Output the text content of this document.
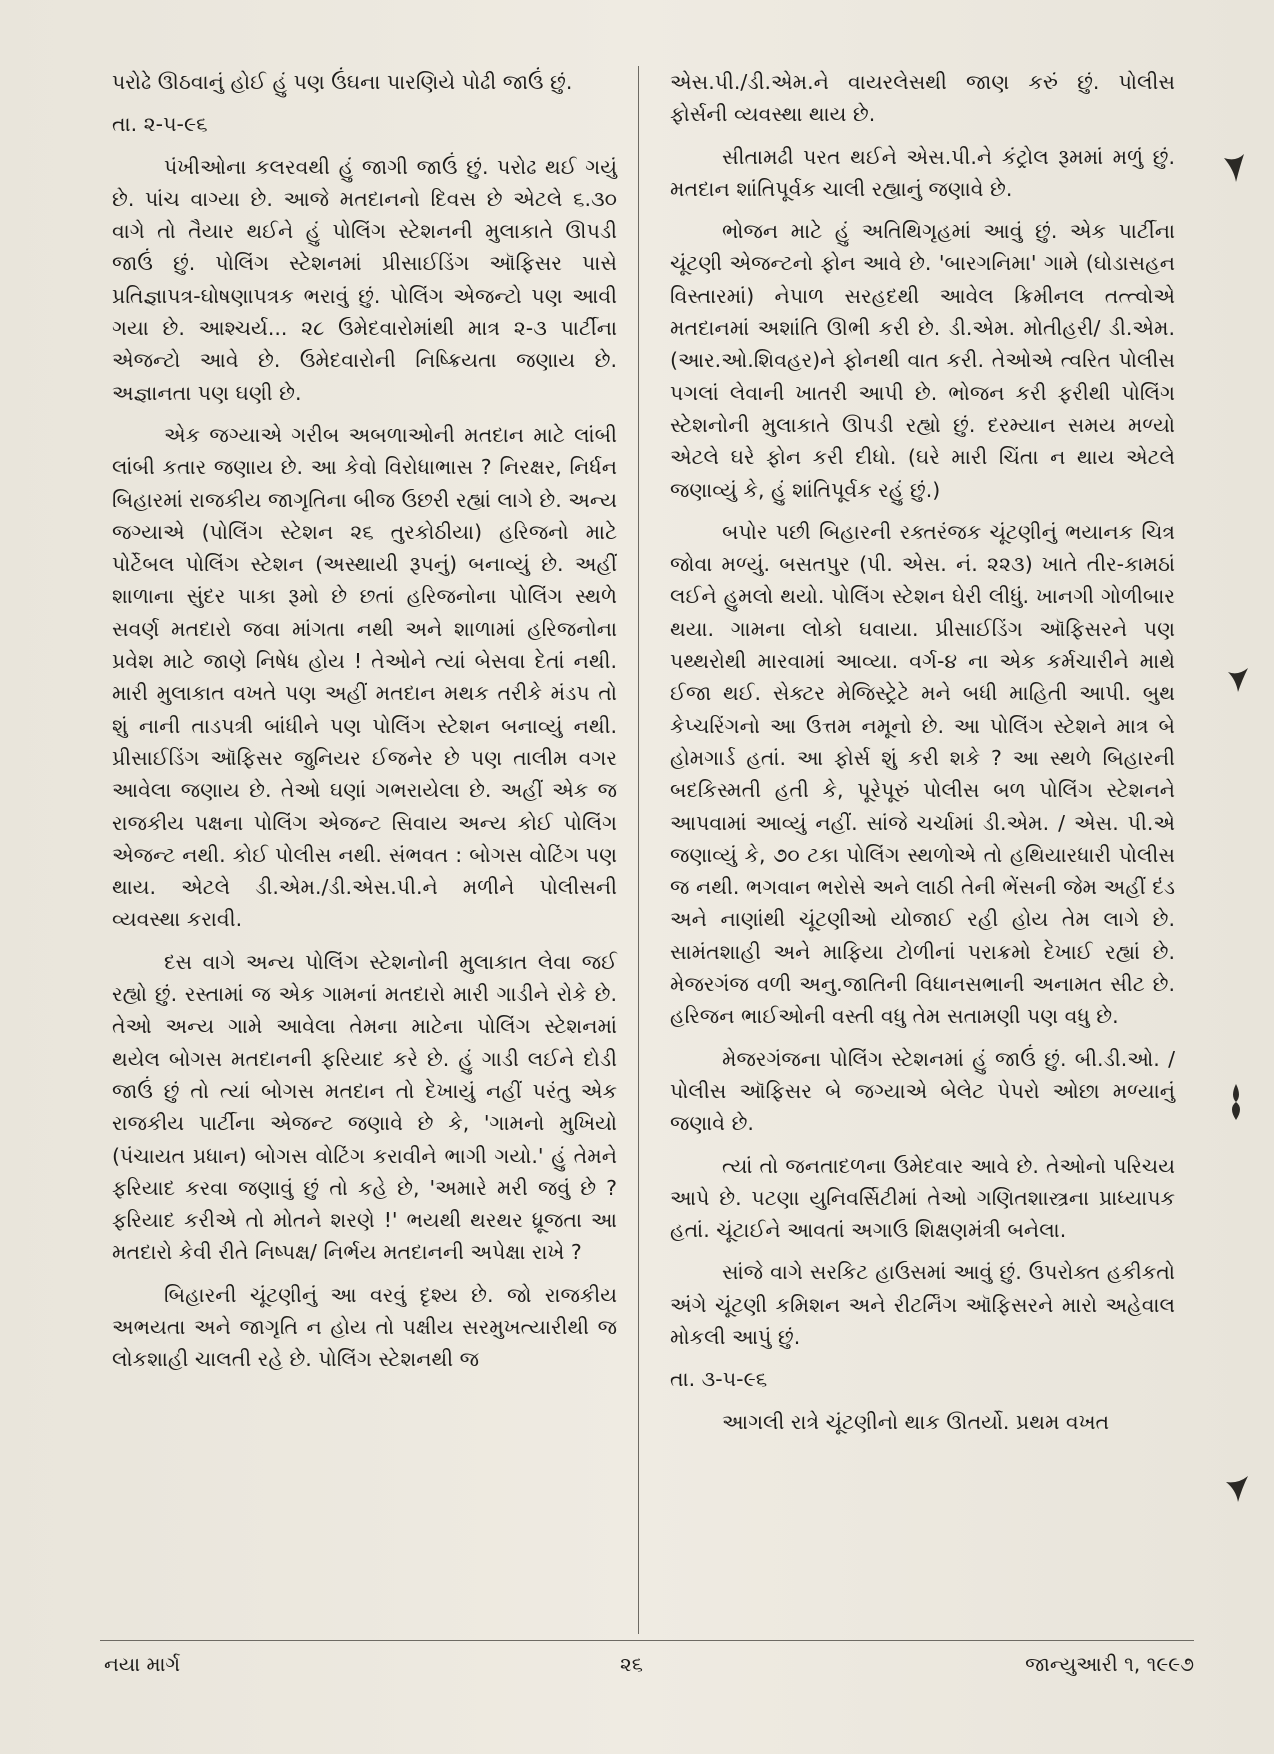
પરોઢે ઊઠવાનું હોઈ હું પણ ઉંઘના પારણિયે પોઢી જાઉં છું.

તા. ૨-૫-૯૬

પંખીઓના કલરવથી હું જાગી જાઉં છું. પરોઢ થઈ ગયું છે. પાંચ વાગ્યા છે. આજે મતદાનનો દિવસ છે એટલે ૬.૩૦ વાગે તો તૈયાર થઈને હું પોલિંગ સ્ટેશનની મુલાકાતે ઊપડી જાઉં છું. પોલિંગ સ્ટેશનમાં પ્રીસાઈડિંગ ઑફિસર પાસે પ્રતિજ્ઞાપત્ર-ઘોષણાપત્રક ભરાવું છું. પોલિંગ એજન્ટો પણ આવી ગયા છે. આશ્ચર્ય... ૨૮ ઉમેદવારોમાંથી માત્ર ૨-૩ પાર્ટીના એજન્ટો આવે છે. ઉમેદવારોની નિષ્ક્રિયતા જણાય છે. અજ્ઞાનતા પણ ઘણી છે.

એક જગ્યાએ ગરીબ અબળાઓની મતદાન માટે લાંબી લાંબી કતાર જણાય છે. આ કેવો વિરોધાભાસ ? નિરક્ષર, નિર્ધન બિહારમાં રાજકીય જાગૃતિના બીજ ઉછરી રહ્યાં લાગે છે. અન્ય જગ્યાએ (પોલિંગ સ્ટેશન ૨૬ તુરકોઠીયા) હરિજનો માટે પોર્ટેબલ પોલિંગ સ્ટેશન (અસ્થાયી રૂપનું) બનાવ્યું છે. અહીં શાળાના સુંદર પાકા રૂમો છે છતાં હરિજનોના પોલિંગ સ્થળે સવર્ણ મતદારો જવા માંગતા નથી અને શાળામાં હરિજનોના પ્રવેશ માટે જાણે નિષેધ હોય ! તેઓને ત્યાં બેસવા દેતાં નથી. મારી મુલાકાત વખતે પણ અહીં મતદાન મથક તરીકે મંડપ તો શું નાની તાડપત્રી બાંધીને પણ પોલિંગ સ્ટેશન બનાવ્યું નથી. પ્રીસાઈડિંગ ઑફિસર જુનિયર ઈજનેર છે પણ તાલીમ વગર આવેલા જણાય છે. તેઓ ઘણાં ગભરાયેલા છે. અહીં એક જ રાજકીય પક્ષના પોલિંગ એજન્ટ સિવાય અન્ય કોઈ પોલિંગ એજન્ટ નથી. કોઈ પોલીસ નથી. સંભવત : બોગસ વોટિંગ પણ થાય. એટલે ડી.એમ./ડી.એસ.પી.ને મળીને પોલીસની વ્યવસ્થા કરાવી.

દસ વાગે અન્ય પોલિંગ સ્ટેશનોની મુલાકાત લેવા જઈ રહ્યો છું. રસ્તામાં જ એક ગામનાં મતદારો મારી ગાડીને રોકે છે. તેઓ અન્ય ગામે આવેલા તેમના માટેના પોલિંગ સ્ટેશનમાં થયેલ બોગસ મતદાનની ફરિયાદ કરે છે. હું ગાડી લઈને દોડી જાઉં છું તો ત્યાં બોગસ મતદાન તો દેખાયું નહીં પરંતુ એક રાજકીય પાર્ટીના એજન્ટ જણાવે છે કે, 'ગામનો મુખિયો (પંચાયત પ્રધાન) બોગસ વોટિંગ કરાવીને ભાગી ગયો.' હું તેમને ફરિયાદ કરવા જણાવું છું તો કહે છે, 'અમારે મરી જવું છે ? ફરિયાદ કરીએ તો મોતને શરણે !' ભયથી થરથર ધ્રૂજતા આ મતદારો કેવી રીતે નિષ્પક્ષ/ નિર્ભય મતદાનની અપેક્ષા રાખે ?

બિહારની ચૂંટણીનું આ વરવું દૃશ્ય છે. જો રાજકીય અભયતા અને જાગૃતિ ન હોય તો પક્ષીય સરમુખત્યારીથી જ લોકશાહી ચાલતી રહે છે. પોલિંગ સ્ટેશનથી જ

એસ.પી./ડી.એમ.ને વાયરલેસથી જાણ કરું છું. પોલીસ ફોર્સની વ્યવસ્થા થાય છે.

સીતામઢી પરત થઈને એસ.પી.ને કંટ્રોલ રૂમમાં મળું છું. મતદાન શાંતિપૂર્વક ચાલી રહ્યાનું જણાવે છે.

ભોજન માટે હું અતિથિગૃહમાં આવું છું. એક પાર્ટીના ચૂંટણી એજન્ટનો ફોન આવે છે. 'બારગનિમા' ગામે (ઘોડાસહન વિસ્તારમાં) નેપાળ સરહદથી આવેલ ક્રિમીનલ તત્ત્વોએ મતદાનમાં અશાંતિ ઊભી કરી છે. ડી.એમ. મોતીહરી/ ડી.એમ. (આર.ઓ.શિવહર)ને ફોનથી વાત કરી. તેઓએ ત્વરિત પોલીસ પગલાં લેવાની ખાતરી આપી છે. ભોજન કરી ફરીથી પોલિંગ સ્ટેશનોની મુલાકાતે ઊપડી રહ્યો છું. દરમ્યાન સમય મળ્યો એટલે ઘરે ફોન કરી દીધો. (ઘરે મારી ચિંતા ન થાય એટલે જણાવ્યું કે, હું શાંતિપૂર્વક રહું છું.)

બપોર પછી બિહારની રક્તરંજક ચૂંટણીનું ભયાનક ચિત્ર જોવા મળ્યું. બસતપુર (પી. એસ. નં. ૨૨૩) ખાતે તીર-કામઠાં લઈને હુમલો થયો. પોલિંગ સ્ટેશન ઘેરી લીધું. ખાનગી ગોળીબાર થયા. ગામના લોકો ઘવાયા. પ્રીસાઈડિંગ ઑફિસરને પણ પથ્થરોથી મારવામાં આવ્યા. વર્ગ-૪ ના એક કર્મચારીને માથે ઈજા થઈ. સેક્ટર મેજિસ્ટ્રેટે મને બધી માહિતી આપી. બુથ કેપ્ચરિંગનો આ ઉત્તમ નમૂનો છે. આ પોલિંગ સ્ટેશને માત્ર બે હોમગાર્ડ હતાં. આ ફોર્સ શું કરી શકે ? આ સ્થળે બિહારની બદકિસ્મતી હતી કે, પૂરેપૂરું પોલીસ બળ પોલિંગ સ્ટેશનને આપવામાં આવ્યું નહીં. સાંજે ચર્ચામાં ડી.એમ. / એસ. પી.એ જણાવ્યું કે, ૭૦ ટકા પોલિંગ સ્થળોએ તો હથિયારધારી પોલીસ જ નથી. ભગવાન ભરોસે અને લાઠી તેની ભેંસની જેમ અહીં દંડ અને નાણાંથી ચૂંટણીઓ યોજાઈ રહી હોય તેમ લાગે છે. સામંતશાહી અને માફિયા ટોળીનાં પરાક્રમો દેખાઈ રહ્યાં છે. મેજરગંજ વળી અનુ.જાતિની વિધાનસભાની અનામત સીટ છે. હરિજન ભાઈઓની વસ્તી વધુ તેમ સતામણી પણ વધુ છે.

મેજરગંજના પોલિંગ સ્ટેશનમાં હું જાઉં છું. બી.ડી.ઓ. / પોલીસ ઑફિસર બે જગ્યાએ બેલેટ પેપરો ઓછા મળ્યાનું જણાવે છે.

ત્યાં તો જનતાદળના ઉમેદવાર આવે છે. તેઓનો પરિચય આપે છે. પટણા યુનિવર્સિટીમાં તેઓ ગણિતશાસ્ત્રના પ્રાધ્યાપક હતાં. ચૂંટાઈને આવતાં અગાઉ શિક્ષણમંત્રી બનેલા.

સાંજે વાગે સરકિટ હાઉસમાં આવું છું. ઉપરોક્ત હકીકતો અંગે ચૂંટણી કમિશન અને રીટર્નિંગ ઑફિસરને મારો અહેવાલ મોકલી આપું છું.

તા. ૩-૫-૯૬

આગલી રાત્રે ચૂંટણીનો થાક ઊતર્યો. પ્રથમ વખત

નયા માર્ગ	૨૬	જાન્યુઆરી ૧, ૧૯૯૭
